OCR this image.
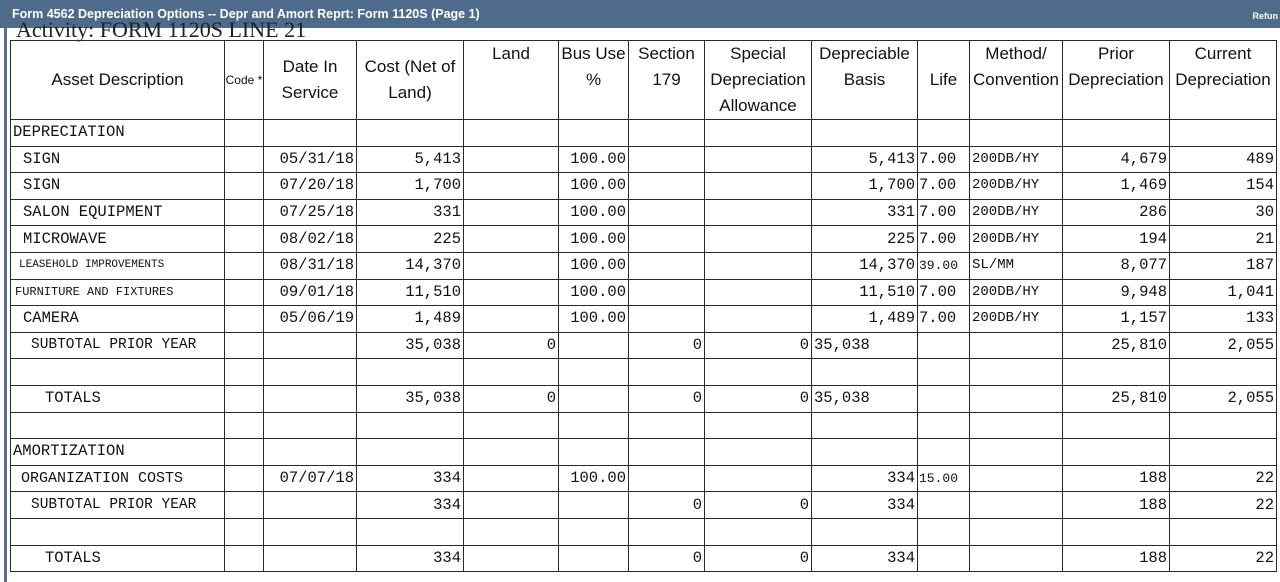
Form 4562 Depreciation Options -- Depr and Amort Reprt: Form 1120S (Page 1)	Refun
Activity: FORM 1120S LINE 21
Asset Description	Code *	Date In Service	Cost (Net of Land)	Land	Bus Use %	Section 179	Special Depreciation Allowance	Depreciable Basis	Life	Method/ Convention	Prior Depreciation	Current Depreciation
DEPRECIATION												
SIGN		05/31/18	5,413		100.00			5,413	7.00	200DB/HY	4,679	489
SIGN		07/20/18	1,700		100.00			1,700	7.00	200DB/HY	1,469	154
SALON EQUIPMENT		07/25/18	331		100.00			331	7.00	200DB/HY	286	30
MICROWAVE		08/02/18	225		100.00			225	7.00	200DB/HY	194	21
LEASEHOLD IMPROVEMENTS		08/31/18	14,370		100.00			14,370	39.00	SL/MM	8,077	187
FURNITURE AND FIXTURES		09/01/18	11,510		100.00			11,510	7.00	200DB/HY	9,948	1,041
CAMERA		05/06/19	1,489		100.00			1,489	7.00	200DB/HY	1,157	133
SUBTOTAL PRIOR YEAR			35,038	0		0	0	35,038			25,810	2,055

TOTALS			35,038	0		0	0	35,038			25,810	2,055

AMORTIZATION												
ORGANIZATION COSTS		07/07/18	334		100.00			334	15.00		188	22
SUBTOTAL PRIOR YEAR			334			0	0	334			188	22

TOTALS			334			0	0	334			188	22
